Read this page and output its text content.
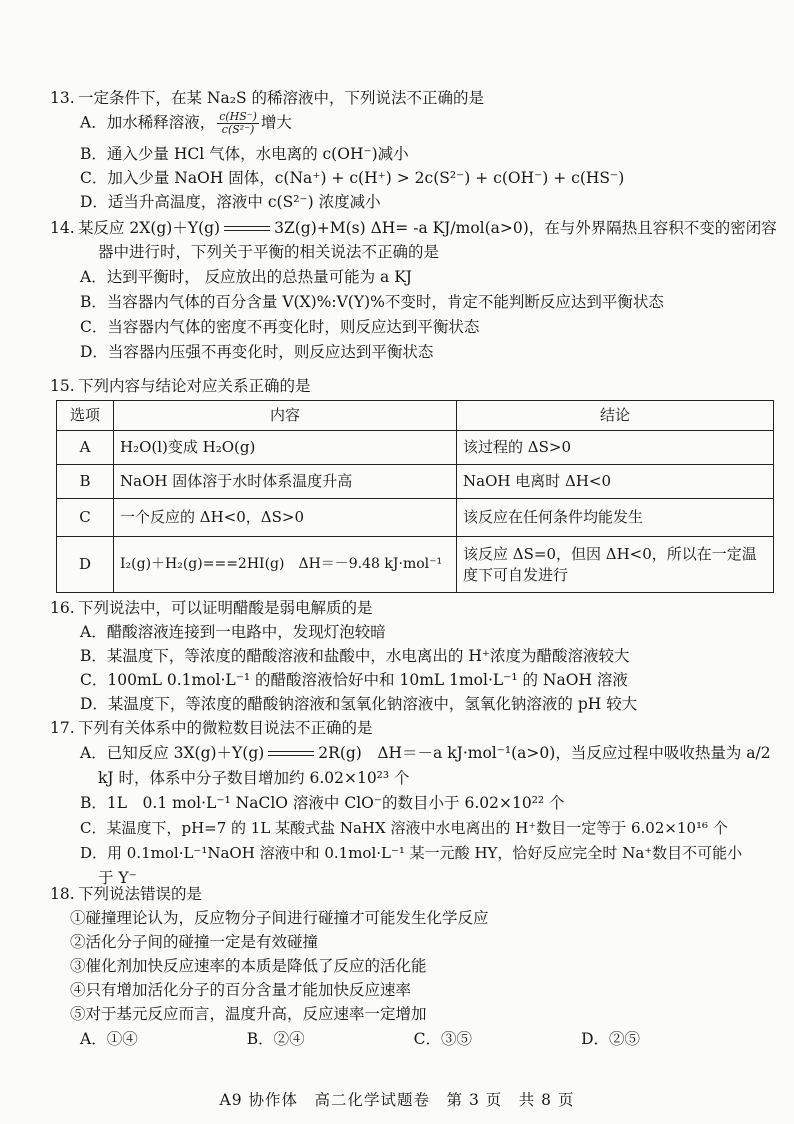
13. 一定条件下，在某 Na₂S 的稀溶液中，下列说法不正确的是
A．加水稀释溶液， $\frac{c(HS^-)}{\text{c(S²⁻)}}$ 增大
B．通入少量 HCl 气体，水电离的 c(OH⁻)减小
C．加入少量 NaOH 固体，c(Na⁺) + c(H⁺) > 2c(S²⁻) + c(OH⁻) + c(HS⁻)
D．适当升高温度，溶液中 c(S²⁻) 浓度减小
14. 某反应 2X(g)＋Y(g)	3Z(g)+M(s) ΔH= -a KJ/mol(a>0)，在与外界隔热且容积不变的密闭容
器中进行时，下列关于平衡的相关说法不正确的是
A．达到平衡时， 反应放出的总热量可能为 a KJ
B．当容器内气体的百分含量 V(X)%:V(Y)%不变时，肯定不能判断反应达到平衡状态
C．当容器内气体的密度不再变化时，则反应达到平衡状态
D．当容器内压强不再变化时，则反应达到平衡状态
15. 下列内容与结论对应关系正确的是
选项	内容	结论
A	H₂O(l)变成 H₂O(g)	该过程的 ΔS>0
B	NaOH 固体溶于水时体系温度升高	NaOH 电离时 ΔH<0
C	一个反应的 ΔH<0，ΔS>0	该反应在任何条件均能发生
D	I₂(g)＋H₂(g)===2HI(g)　ΔH＝－9.48 kJ·mol⁻¹	该反应 ΔS=0，但因 ΔH<0，所以在一定温度下可自发进行
16. 下列说法中，可以证明醋酸是弱电解质的是
A．醋酸溶液连接到一电路中，发现灯泡较暗
B．某温度下，等浓度的醋酸溶液和盐酸中，水电离出的 H⁺浓度为醋酸溶液较大
C．100mL 0.1mol·L⁻¹ 的醋酸溶液恰好中和 10mL 1mol·L⁻¹ 的 NaOH 溶液
D．某温度下，等浓度的醋酸钠溶液和氢氧化钠溶液中，氢氧化钠溶液的 pH 较大
17. 下列有关体系中的微粒数目说法不正确的是
A．已知反应 3X(g)＋Y(g)	2R(g)　ΔH＝－a kJ·mol⁻¹(a>0)，当反应过程中吸收热量为 a/2
kJ 时，体系中分子数目增加约 6.02×10²³ 个
B．1L　0.1 mol·L⁻¹ NaClO 溶液中 ClO⁻的数目小于 6.02×10²² 个
C．某温度下，pH=7 的 1L 某酸式盐 NaHX 溶液中水电离出的 H⁺数目一定等于 6.02×10¹⁶ 个
D．用 0.1mol·L⁻¹NaOH 溶液中和 0.1mol·L⁻¹ 某一元酸 HY，恰好反应完全时 Na⁺数目不可能小
于 Y⁻
18. 下列说法错误的是
①碰撞理论认为，反应物分子间进行碰撞才可能发生化学反应
②活化分子间的碰撞一定是有效碰撞
③催化剂加快反应速率的本质是降低了反应的活化能
④只有增加活化分子的百分含量才能加快反应速率
⑤对于基元反应而言，温度升高，反应速率一定增加
A．①④	B．②④	C．③⑤	D．②⑤
A9 协作体　高二化学试题卷　第 3 页　共 8 页
